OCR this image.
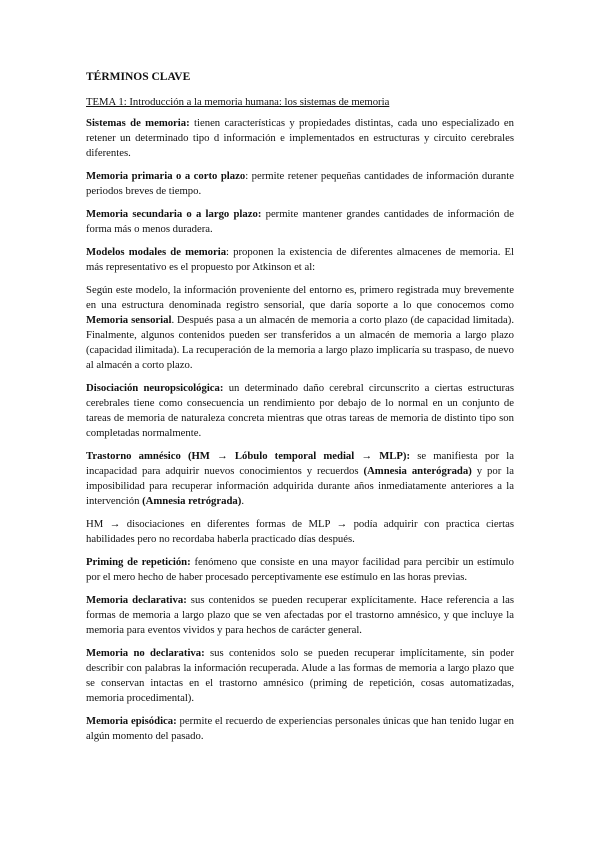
TÉRMINOS CLAVE
TEMA 1: Introducción a la memoria humana: los sistemas de memoria

Sistemas de memoria: tienen características y propiedades distintas, cada uno especializado en retener un determinado tipo d información e implementados en estructuras y circuito cerebrales diferentes.

Memoria primaria o a corto plazo: permite retener pequeñas cantidades de información durante periodos breves de tiempo.

Memoria secundaria o a largo plazo: permite mantener grandes cantidades de información de forma más o menos duradera.

Modelos modales de memoria: proponen la existencia de diferentes almacenes de memoria. El más representativo es el propuesto por Atkinson et al:

Según este modelo, la información proveniente del entorno es, primero registrada muy brevemente en una estructura denominada registro sensorial, que daría soporte a lo que conocemos como Memoria sensorial. Después pasa a un almacén de memoria a corto plazo (de capacidad limitada). Finalmente, algunos contenidos pueden ser transferidos a un almacén de memoria a largo plazo (capacidad ilimitada). La recuperación de la memoria a largo plazo implicaría su traspaso, de nuevo al almacén a corto plazo.

Disociación neuropsicológica: un determinado daño cerebral circunscrito a ciertas estructuras cerebrales tiene como consecuencia un rendimiento por debajo de lo normal en un conjunto de tareas de memoria de naturaleza concreta mientras que otras tareas de memoria de distinto tipo son completadas normalmente.

Trastorno amnésico (HM → Lóbulo temporal medial → MLP): se manifiesta por la incapacidad para adquirir nuevos conocimientos y recuerdos (Amnesia anterógrada) y por la imposibilidad para recuperar información adquirida durante años inmediatamente anteriores a la intervención (Amnesia retrógrada).

HM → disociaciones en diferentes formas de MLP → podía adquirir con practica ciertas habilidades pero no recordaba haberla practicado días después.

Priming de repetición: fenómeno que consiste en una mayor facilidad para percibir un estímulo por el mero hecho de haber procesado perceptivamente ese estímulo en las horas previas.

Memoria declarativa: sus contenidos se pueden recuperar explícitamente. Hace referencia a las formas de memoria a largo plazo que se ven afectadas por el trastorno amnésico, y que incluye la memoria para eventos vividos y para hechos de carácter general.

Memoria no declarativa: sus contenidos solo se pueden recuperar implícitamente, sin poder describir con palabras la información recuperada. Alude a las formas de memoria a largo plazo que se conservan intactas en el trastorno amnésico (priming de repetición, cosas automatizadas, memoria procedimental).

Memoria episódica: permite el recuerdo de experiencias personales únicas que han tenido lugar en algún momento del pasado.
